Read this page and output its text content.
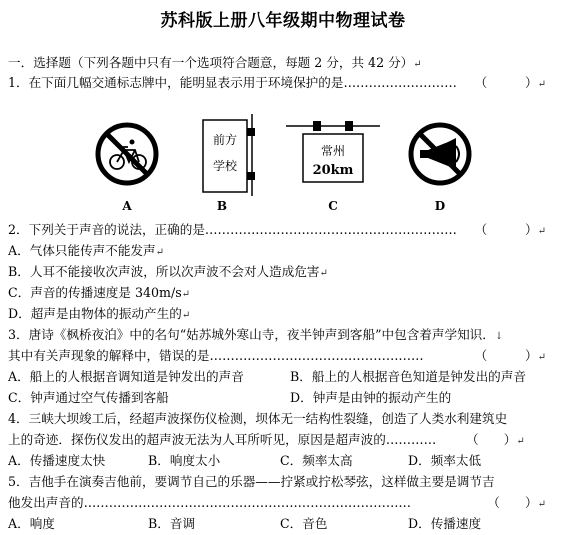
苏科版上册八年级期中物理试卷
一．选择题（下列各题中只有一个选项符合题意，每题 2 分，共 42 分）↵
1．在下面几幅交通标志牌中，能明显表示用于环境保护的是……………………… （　　　）↵
A
前方
学校
B
常州
20km
C	D
2．下列关于声音的说法，正确的是…………………………………………………… （　　　）↵
A．气体只能传声不能发声↵
B．人耳不能接收次声波，所以次声波不会对人造成危害↵
C．声音的传播速度是 340m/s↵
D．超声是由物体的振动产生的↵
3．唐诗《枫桥夜泊》中的名句“姑苏城外寒山寺，夜半钟声到客船”中包含着声学知识．↓
其中有关声现象的解释中，错误的是……………………………………………	（　　　）↵
A．船上的人根据音调知道是钟发出的声音	B．船上的人根据音色知道是钟发出的声音
C．钟声通过空气传播到客船	D．钟声是由钟的振动产生的
4．三峡大坝竣工后，经超声波探伤仪检测，坝体无一结构性裂缝，创造了人类水利建筑史
上的奇迹．探伤仪发出的超声波无法为人耳所听见，原因是超声波的………… （　　）↵
A．传播速度太快	B．响度太小	C．频率太高	D．频率太低
5．吉他手在演奏吉他前，要调节自己的乐器——拧紧或拧松琴弦，这样做主要是调节吉
他发出声音的……………………………………………………………………	（　　）↵
A．响度	B．音调	C．音色	D．传播速度
